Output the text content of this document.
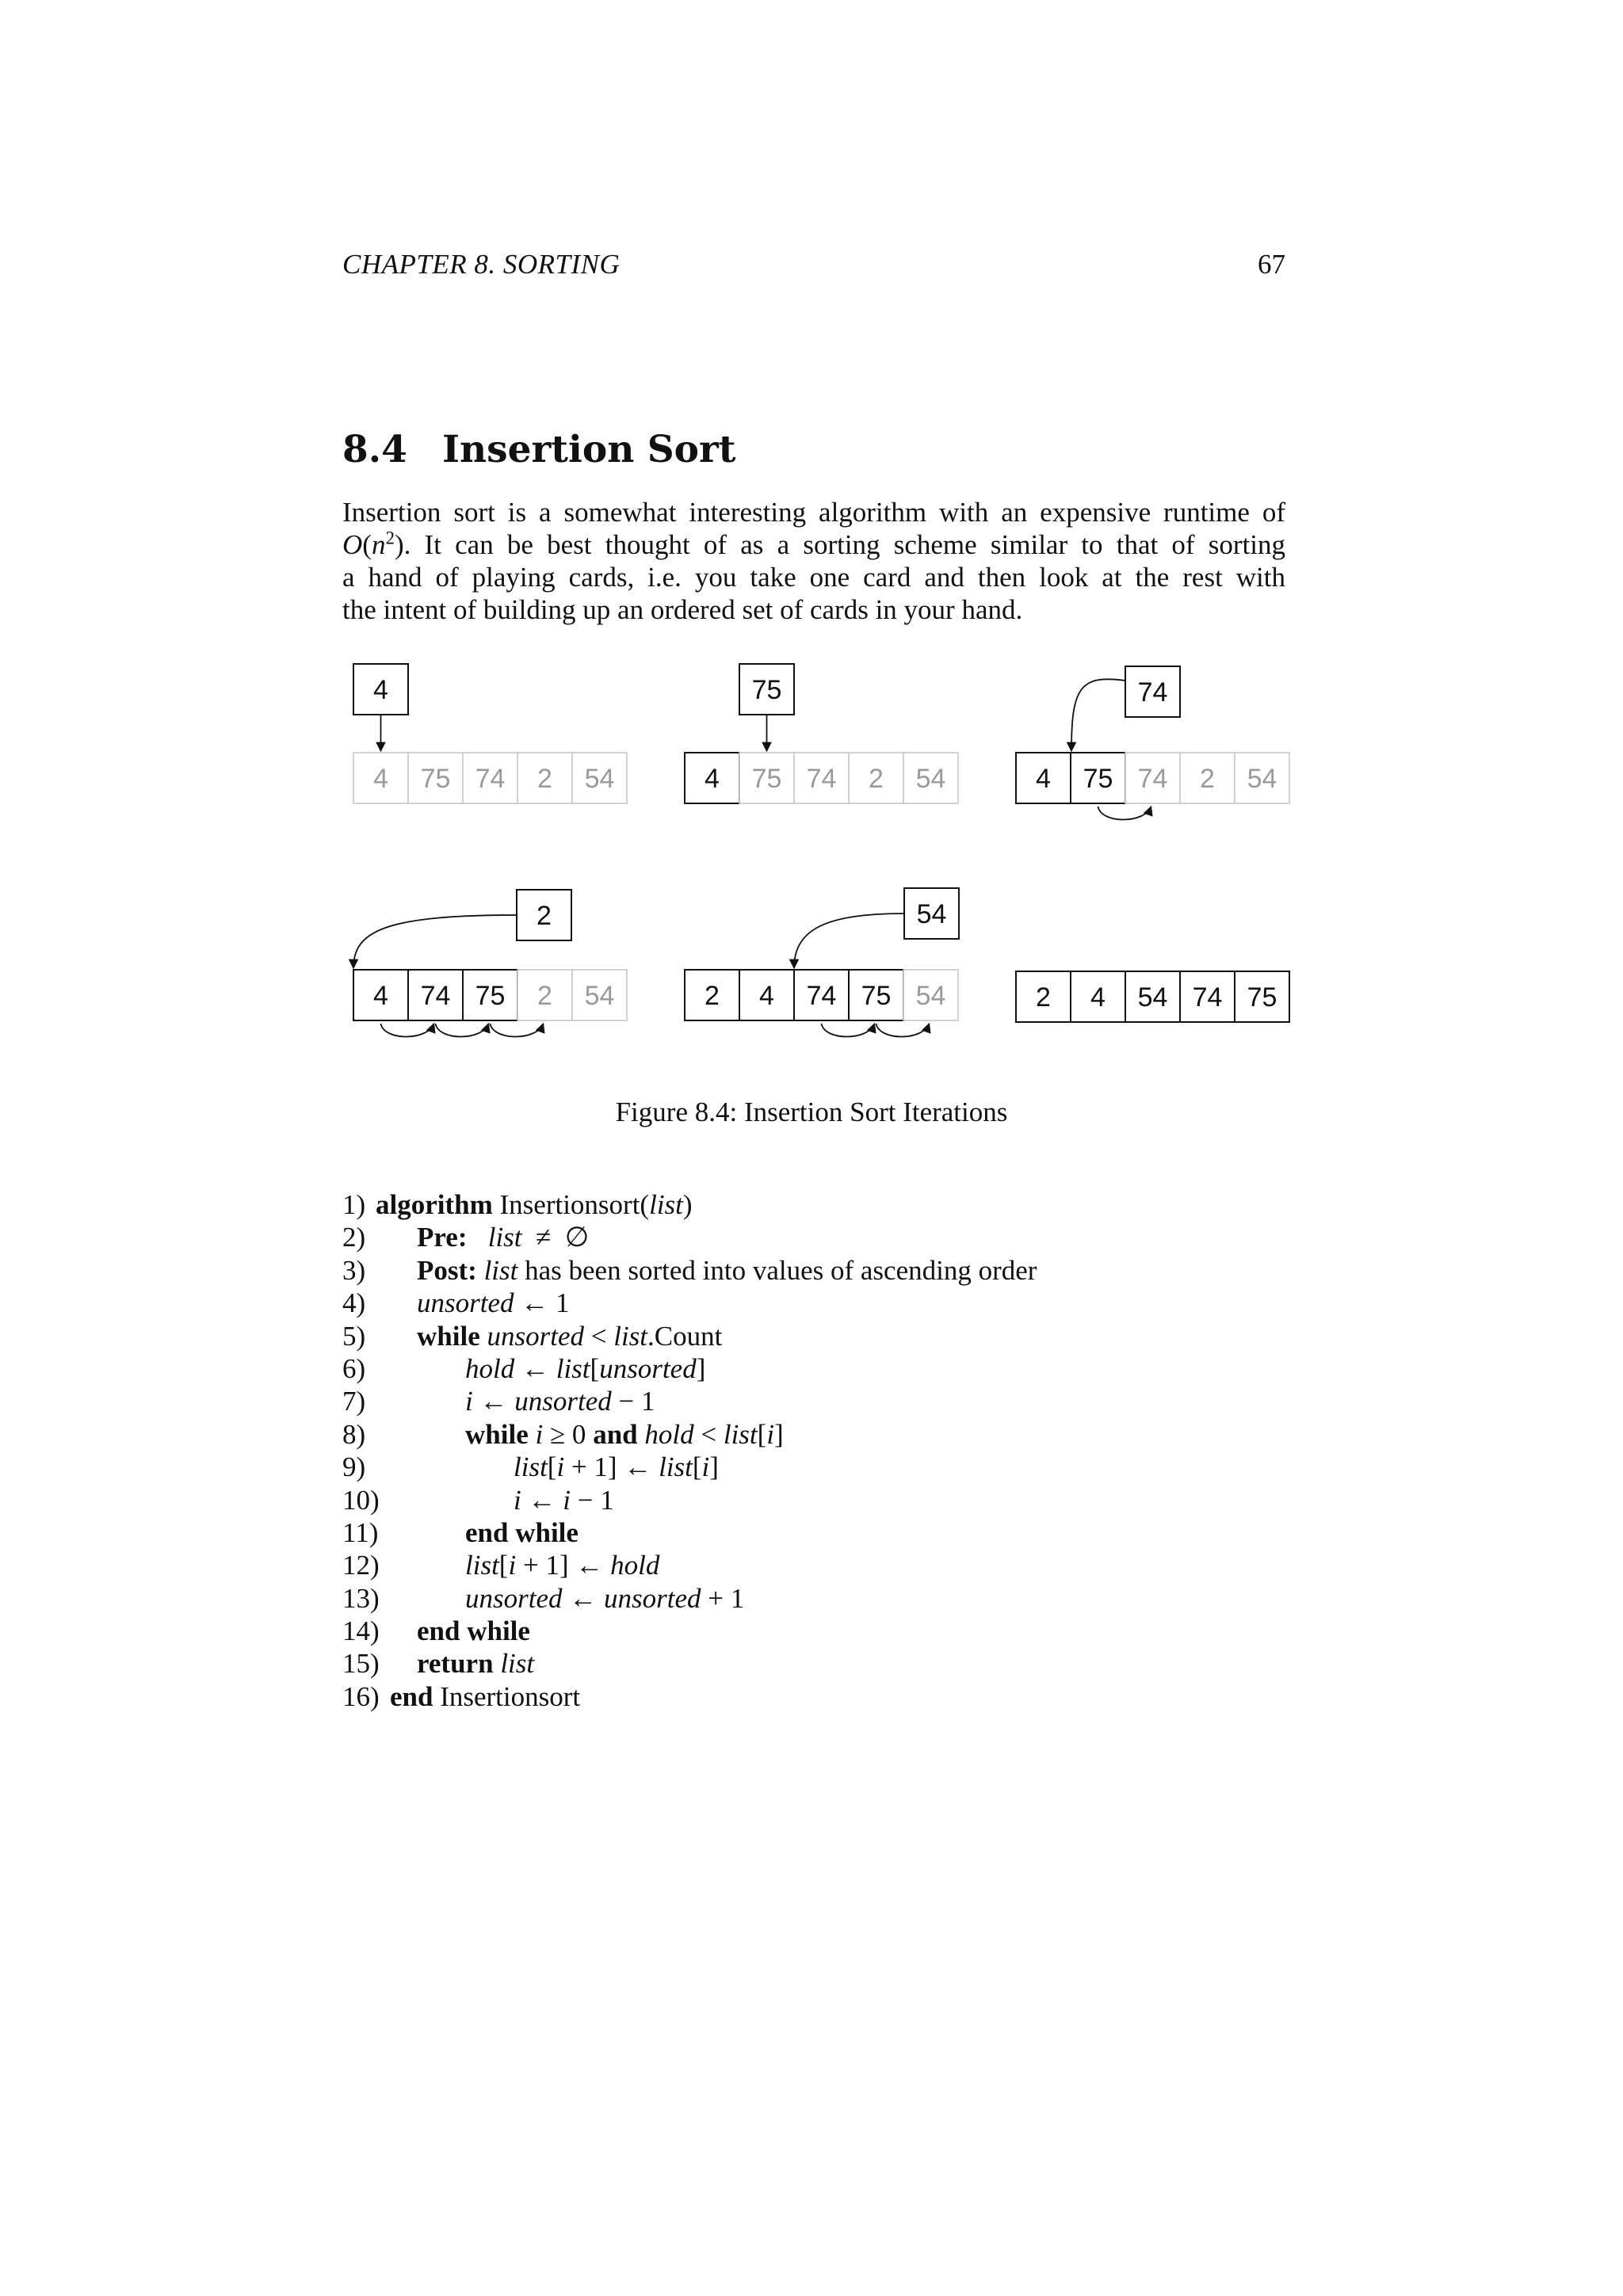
CHAPTER 8. SORTING	67
8.4 Insertion Sort
Insertion sort is a somewhat interesting algorithm with an expensive runtime of
$O(n^2)$. It can be best thought of as a sorting scheme similar to that of sorting
a hand of playing cards, i.e. you take one card and then look at the rest with
the intent of building up an ordered set of cards in your hand.
4 75 74 2 54
4
4 75 74 2 54
75
4 75 74 2 54
74
4 74 75 2 54
2
2 4 74 75 54
54
2 4 54 74 75
Figure 8.4: Insertion Sort Iterations
1) algorithm Insertionsort(list)
2) Pre: list  ≠  ∅
3) Post: list has been sorted into values of ascending order
4) unsorted ← 1
5) while unsorted < list.Count
6)	hold ← list[unsorted]
7)	i ← unsorted − 1
8)	while i ≥ 0 and hold < list[i]
9)	list[i + 1] ← list[i]
10)	i ← i − 1
11)	end while
12)	list[i + 1] ← hold
13)	unsorted ← unsorted + 1
14) end while
15) return list
16) end Insertionsort
